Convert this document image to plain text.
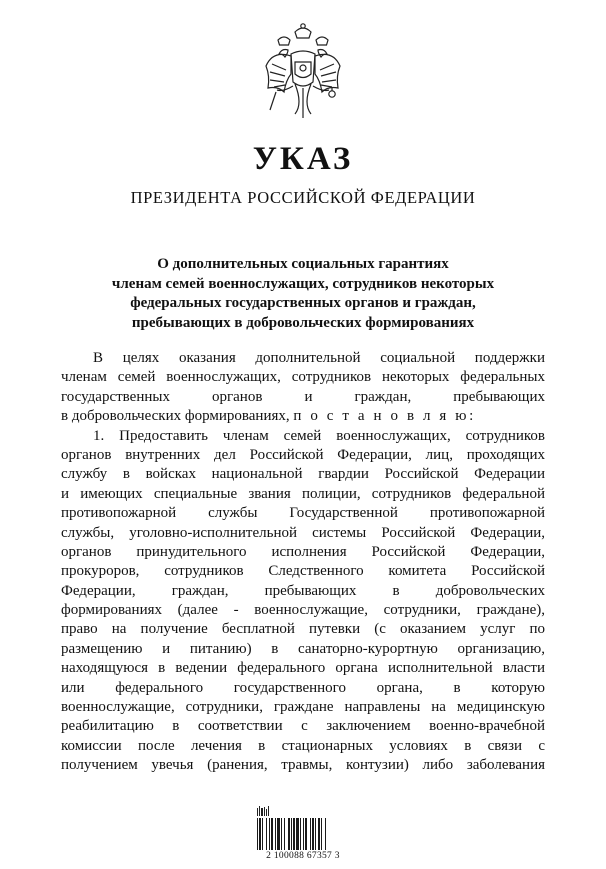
УКАЗ
ПРЕЗИДЕНТА РОССИЙСКОЙ ФЕДЕРАЦИИ
О дополнительных социальных гарантиях
членам семей военнослужащих, сотрудников некоторых
федеральных государственных органов и граждан,
пребывающих в добровольческих формированиях
В целях оказания дополнительной социальной поддержки
членам семей военнослужащих, сотрудников некоторых федеральных
государственных органов и граждан, пребывающих
в добровольческих формированиях, п о с т а н о в л я ю:
1. Предоставить членам семей военнослужащих, сотрудников
органов внутренних дел Российской Федерации, лиц, проходящих
службу в войсках национальной гвардии Российской Федерации
и имеющих специальные звания полиции, сотрудников федеральной
противопожарной службы Государственной противопожарной
службы, уголовно-исполнительной системы Российской Федерации,
органов принудительного исполнения Российской Федерации,
прокуроров, сотрудников Следственного комитета Российской
Федерации, граждан, пребывающих в добровольческих
формированиях (далее - военнослужащие, сотрудники, граждане),
право на получение бесплатной путевки (с оказанием услуг по
размещению и питанию) в санаторно-курортную организацию,
находящуюся в ведении федерального органа исполнительной власти
или федерального государственного органа, в которую
военнослужащие, сотрудники, граждане направлены на медицинскую
реабилитацию в соответствии с заключением военно-врачебной
комиссии после лечения в стационарных условиях в связи с
получением увечья (ранения, травмы, контузии) либо заболевания
2 100088 67357 3
